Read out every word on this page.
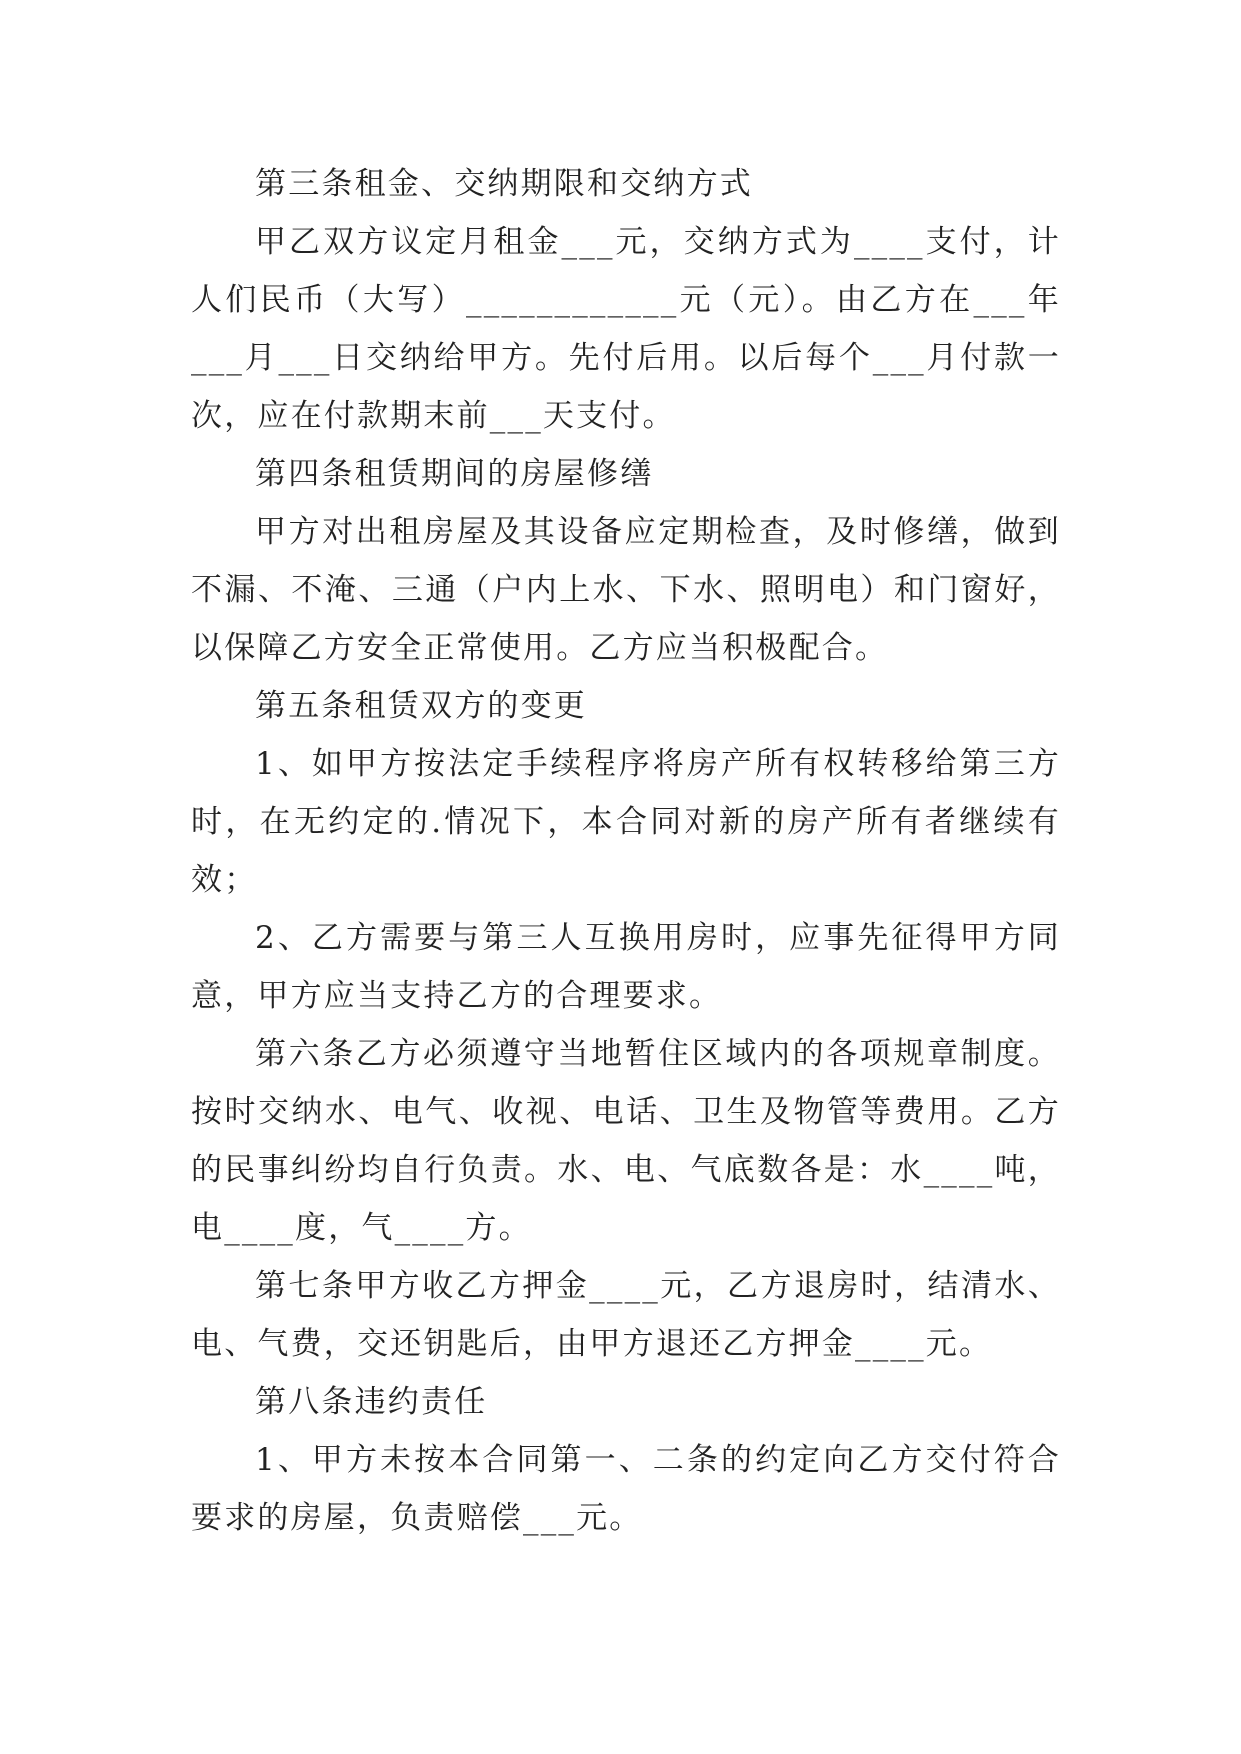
第三条租金、交纳期限和交纳方式

甲乙双方议定月租金___元，交纳方式为____支付，计人们民币（大写）____________元（元）。由乙方在___年___月___日交纳给甲方。先付后用。以后每个___月付款一次，应在付款期末前___天支付。

第四条租赁期间的房屋修缮

甲方对出租房屋及其设备应定期检查，及时修缮，做到不漏、不淹、三通（户内上水、下水、照明电）和门窗好，以保障乙方安全正常使用。乙方应当积极配合。

第五条租赁双方的变更

1、如甲方按法定手续程序将房产所有权转移给第三方时，在无约定的.情况下，本合同对新的房产所有者继续有效；

2、乙方需要与第三人互换用房时，应事先征得甲方同意，甲方应当支持乙方的合理要求。

第六条乙方必须遵守当地暂住区域内的各项规章制度。按时交纳水、电气、收视、电话、卫生及物管等费用。乙方的民事纠纷均自行负责。水、电、气底数各是：水____吨，电____度，气____方。

第七条甲方收乙方押金____元，乙方退房时，结清水、电、气费，交还钥匙后，由甲方退还乙方押金____元。

第八条违约责任

1、甲方未按本合同第一、二条的约定向乙方交付符合要求的房屋，负责赔偿___元。
